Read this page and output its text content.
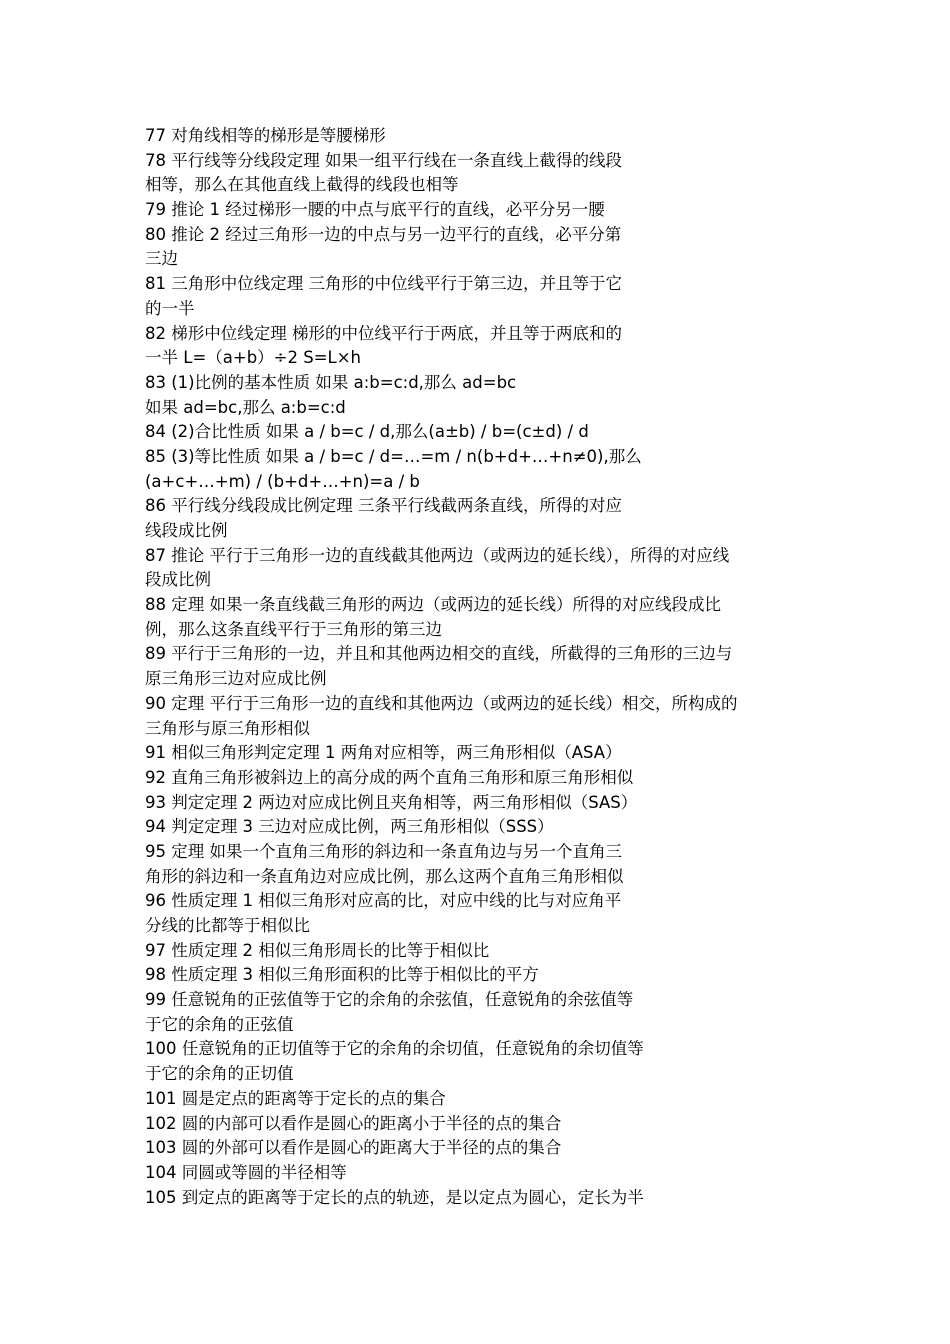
77 对角线相等的梯形是等腰梯形
78 平行线等分线段定理 如果一组平行线在一条直线上截得的线段
相等，那么在其他直线上截得的线段也相等
79 推论 1 经过梯形一腰的中点与底平行的直线，必平分另一腰
80 推论 2 经过三角形一边的中点与另一边平行的直线，必平分第
三边
81 三角形中位线定理 三角形的中位线平行于第三边，并且等于它
的一半
82 梯形中位线定理 梯形的中位线平行于两底，并且等于两底和的
一半 L=（a+b）÷2 S=L×h
83 (1)比例的基本性质 如果 a:b=c:d,那么 ad=bc
如果 ad=bc,那么 a:b=c:d
84 (2)合比性质 如果 a / b=c / d,那么(a±b) / b=(c±d) / d
85 (3)等比性质 如果 a / b=c / d=…=m / n(b+d+…+n≠0),那么
(a+c+…+m) / (b+d+…+n)=a / b
86 平行线分线段成比例定理 三条平行线截两条直线，所得的对应
线段成比例
87 推论 平行于三角形一边的直线截其他两边（或两边的延长线），所得的对应线
段成比例
88 定理 如果一条直线截三角形的两边（或两边的延长线）所得的对应线段成比
例，那么这条直线平行于三角形的第三边
89 平行于三角形的一边，并且和其他两边相交的直线，所截得的三角形的三边与
原三角形三边对应成比例
90 定理 平行于三角形一边的直线和其他两边（或两边的延长线）相交，所构成的
三角形与原三角形相似
91 相似三角形判定定理 1 两角对应相等，两三角形相似（ASA）
92 直角三角形被斜边上的高分成的两个直角三角形和原三角形相似
93 判定定理 2 两边对应成比例且夹角相等，两三角形相似（SAS）
94 判定定理 3 三边对应成比例，两三角形相似（SSS）
95 定理 如果一个直角三角形的斜边和一条直角边与另一个直角三
角形的斜边和一条直角边对应成比例，那么这两个直角三角形相似
96 性质定理 1 相似三角形对应高的比，对应中线的比与对应角平
分线的比都等于相似比
97 性质定理 2 相似三角形周长的比等于相似比
98 性质定理 3 相似三角形面积的比等于相似比的平方
99 任意锐角的正弦值等于它的余角的余弦值，任意锐角的余弦值等
于它的余角的正弦值
100 任意锐角的正切值等于它的余角的余切值，任意锐角的余切值等
于它的余角的正切值
101 圆是定点的距离等于定长的点的集合
102 圆的内部可以看作是圆心的距离小于半径的点的集合
103 圆的外部可以看作是圆心的距离大于半径的点的集合
104 同圆或等圆的半径相等
105 到定点的距离等于定长的点的轨迹，是以定点为圆心，定长为半
